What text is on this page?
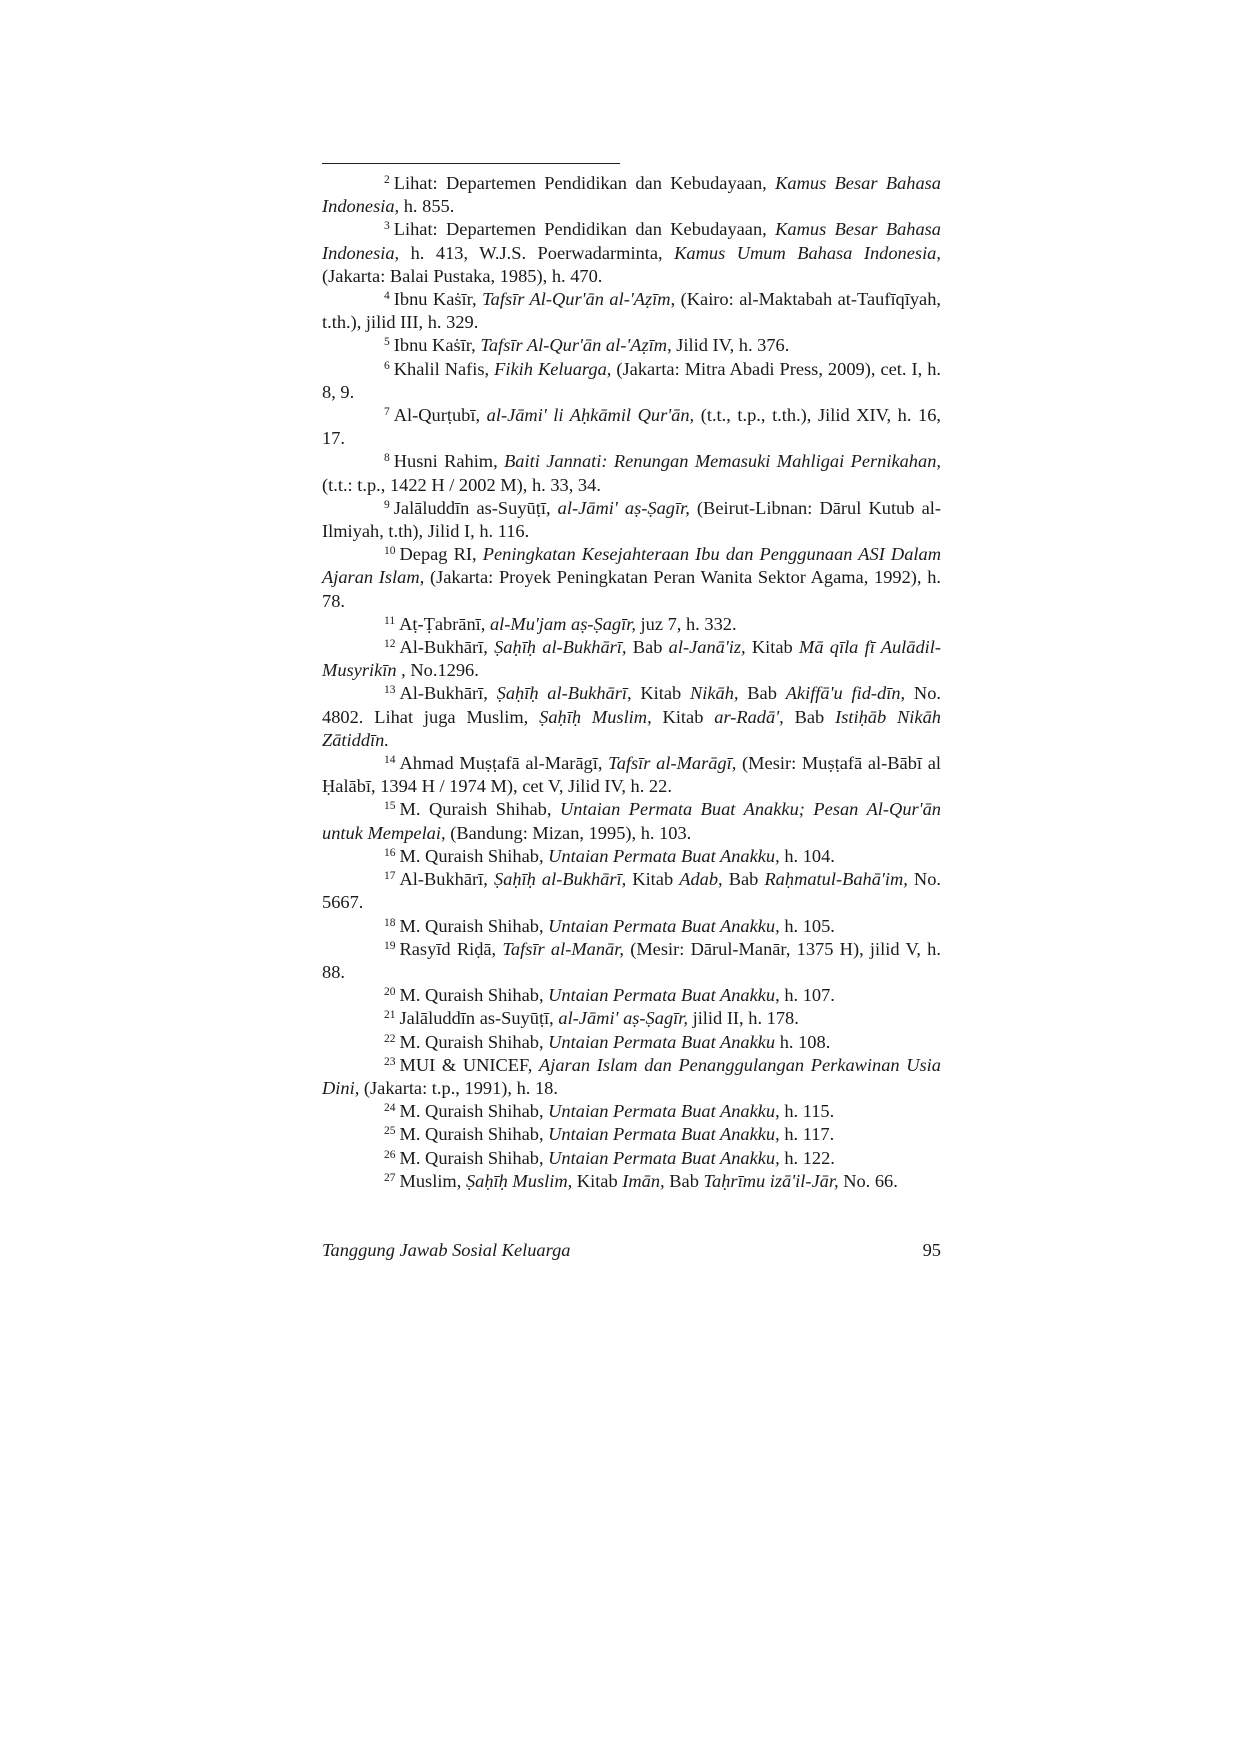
$^2$ Lihat: Departemen Pendidikan dan Kebudayaan, Kamus Besar Bahasa Indonesia, h. 855.

$^3$ Lihat: Departemen Pendidikan dan Kebudayaan, Kamus Besar Bahasa Indonesia, h. 413, W.J.S. Poerwadarminta, Kamus Umum Bahasa Indonesia, (Jakarta: Balai Pustaka, 1985), h. 470.

$^4$ Ibnu Kaṡīr, Tafsīr Al-Qur'ān al-'Aẓīm, (Kairo: al-Maktabah at-Taufīqīyah, t.th.), jilid III, h. 329.

$^5$ Ibnu Kaṡīr, Tafsīr Al-Qur'ān al-'Aẓīm, Jilid IV, h. 376.

$^6$ Khalil Nafis, Fikih Keluarga, (Jakarta: Mitra Abadi Press, 2009), cet. I, h. 8, 9.

$^7$ Al-Qurṭubī, al-Jāmi' li Aḥkāmil Qur'ān, (t.t., t.p., t.th.), Jilid XIV, h. 16, 17.

$^8$ Husni Rahim, Baiti Jannati: Renungan Memasuki Mahligai Pernikahan, (t.t.: t.p., 1422 H / 2002 M), h. 33, 34.

$^9$ Jalāluddīn as-Suyūṭī, al-Jāmi' aṣ-Ṣagīr, (Beirut-Libnan: Dārul Kutub al-Ilmiyah, t.th), Jilid I, h. 116.

$^{10}$ Depag RI, Peningkatan Kesejahteraan Ibu dan Penggunaan ASI Dalam Ajaran Islam, (Jakarta: Proyek Peningkatan Peran Wanita Sektor Agama, 1992), h. 78.

$^{11}$ Aṭ-Ṭabrānī, al-Mu'jam aṣ-Ṣagīr, juz 7, h. 332.

$^{12}$ Al-Bukhārī, Ṣaḥīḥ al-Bukhārī, Bab al-Janā'iz, Kitab Mā qīla fī Aulādil-Musyrikīn , No.1296.

$^{13}$ Al-Bukhārī, Ṣaḥīḥ al-Bukhārī, Kitab Nikāh, Bab Akiffā'u fid-dīn, No. 4802. Lihat juga Muslim, Ṣaḥīḥ Muslim, Kitab ar-Radā', Bab Istiḥāb Nikāh Zātiddīn.

$^{14}$ Ahmad Muṣṭafā al-Marāgī, Tafsīr al-Marāgī, (Mesir: Muṣṭafā al-Bābī al Ḥalābī, 1394 H / 1974 M), cet V, Jilid IV, h. 22.

$^{15}$ M. Quraish Shihab, Untaian Permata Buat Anakku; Pesan Al-Qur'ān untuk Mempelai, (Bandung: Mizan, 1995), h. 103.

$^{16}$ M. Quraish Shihab, Untaian Permata Buat Anakku, h. 104.

$^{17}$ Al-Bukhārī, Ṣaḥīḥ al-Bukhārī, Kitab Adab, Bab Raḥmatul-Bahā'im, No. 5667.

$^{18}$ M. Quraish Shihab, Untaian Permata Buat Anakku, h. 105.

$^{19}$ Rasyīd Riḍā, Tafsīr al-Manār, (Mesir: Dārul-Manār, 1375 H), jilid V, h. 88.

$^{20}$ M. Quraish Shihab, Untaian Permata Buat Anakku, h. 107.

$^{21}$ Jalāluddīn as-Suyūṭī, al-Jāmi' aṣ-Ṣagīr, jilid II, h. 178.

$^{22}$ M. Quraish Shihab, Untaian Permata Buat Anakku h. 108.

$^{23}$ MUI & UNICEF, Ajaran Islam dan Penanggulangan Perkawinan Usia Dini, (Jakarta: t.p., 1991), h. 18.

$^{24}$ M. Quraish Shihab, Untaian Permata Buat Anakku, h. 115.

$^{25}$ M. Quraish Shihab, Untaian Permata Buat Anakku, h. 117.

$^{26}$ M. Quraish Shihab, Untaian Permata Buat Anakku, h. 122.

$^{27}$ Muslim, Ṣaḥīḥ Muslim, Kitab Imān, Bab Taḥrīmu izā'il-Jār, No. 66.

Tanggung Jawab Sosial Keluarga	95
